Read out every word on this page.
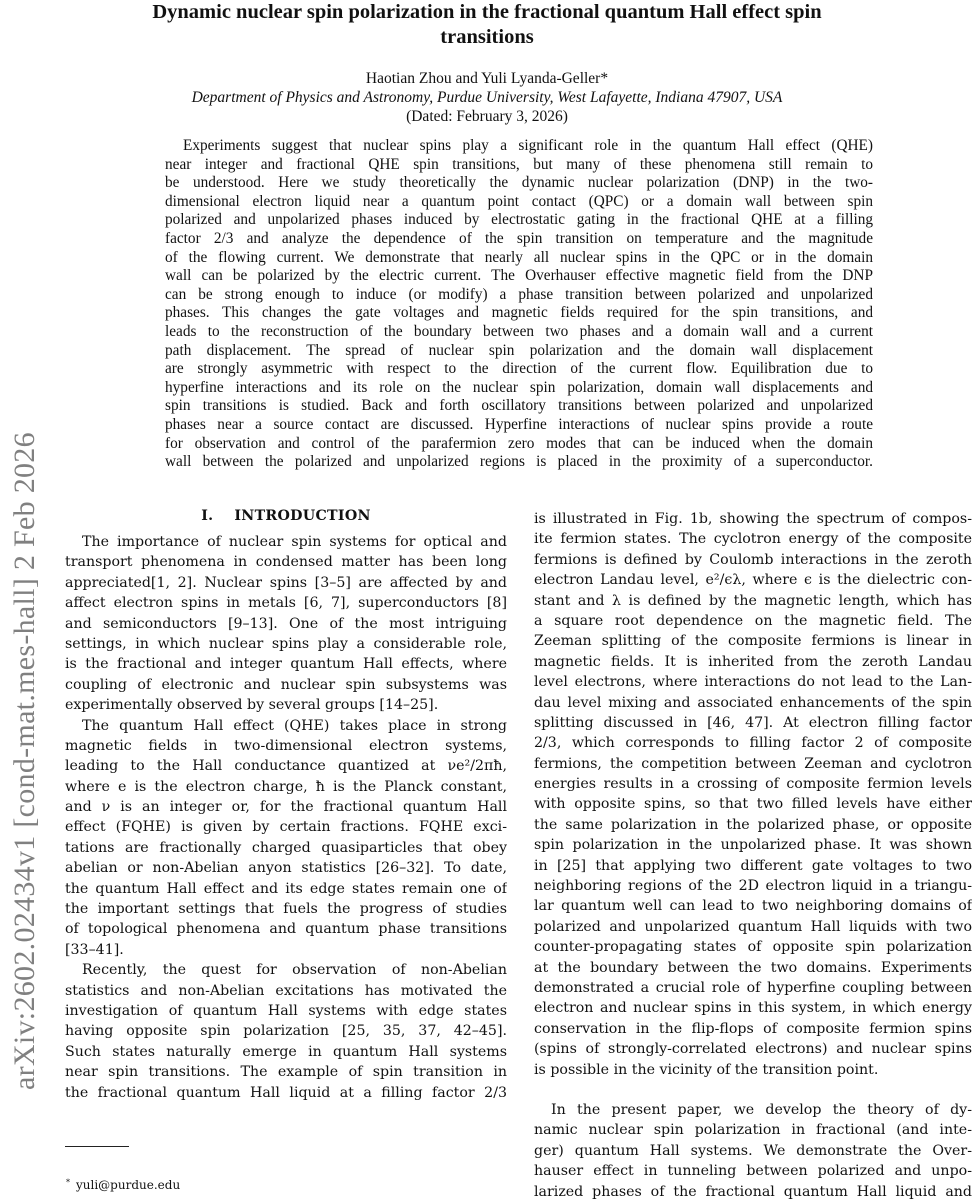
arXiv:2602.02434v1 [cond-mat.mes-hall] 2 Feb 2026
Dynamic nuclear spin polarization in the fractional quantum Hall effect spin
transitions
Haotian Zhou and Yuli Lyanda-Geller*
Department of Physics and Astronomy, Purdue University, West Lafayette, Indiana 47907, USA
(Dated: February 3, 2026)
Experiments suggest that nuclear spins play a significant role in the quantum Hall effect (QHE)
near integer and fractional QHE spin transitions, but many of these phenomena still remain to
be understood. Here we study theoretically the dynamic nuclear polarization (DNP) in the two-
dimensional electron liquid near a quantum point contact (QPC) or a domain wall between spin
polarized and unpolarized phases induced by electrostatic gating in the fractional QHE at a filling
factor 2/3 and analyze the dependence of the spin transition on temperature and the magnitude
of the flowing current. We demonstrate that nearly all nuclear spins in the QPC or in the domain
wall can be polarized by the electric current. The Overhauser effective magnetic field from the DNP
can be strong enough to induce (or modify) a phase transition between polarized and unpolarized
phases. This changes the gate voltages and magnetic fields required for the spin transitions, and
leads to the reconstruction of the boundary between two phases and a domain wall and a current
path displacement. The spread of nuclear spin polarization and the domain wall displacement
are strongly asymmetric with respect to the direction of the current flow. Equilibration due to
hyperfine interactions and its role on the nuclear spin polarization, domain wall displacements and
spin transitions is studied. Back and forth oscillatory transitions between polarized and unpolarized
phases near a source contact are discussed. Hyperfine interactions of nuclear spins provide a route
for observation and control of the parafermion zero modes that can be induced when the domain
wall between the polarized and unpolarized regions is placed in the proximity of a superconductor.
I. INTRODUCTION
The importance of nuclear spin systems for optical and
transport phenomena in condensed matter has been long
appreciated[1, 2]. Nuclear spins [3–5] are affected by and
affect electron spins in metals [6, 7], superconductors [8]
and semiconductors [9–13]. One of the most intriguing
settings, in which nuclear spins play a considerable role,
is the fractional and integer quantum Hall effects, where
coupling of electronic and nuclear spin subsystems was
experimentally observed by several groups [14–25].
The quantum Hall effect (QHE) takes place in strong
magnetic fields in two-dimensional electron systems,
leading to the Hall conductance quantized at νe²/2πħ,
where e is the electron charge, ħ is the Planck constant,
and ν is an integer or, for the fractional quantum Hall
effect (FQHE) is given by certain fractions. FQHE exci-
tations are fractionally charged quasiparticles that obey
abelian or non-Abelian anyon statistics [26–32]. To date,
the quantum Hall effect and its edge states remain one of
the important settings that fuels the progress of studies
of topological phenomena and quantum phase transitions
[33–41].
Recently, the quest for observation of non-Abelian
statistics and non-Abelian excitations has motivated the
investigation of quantum Hall systems with edge states
having opposite spin polarization [25, 35, 37, 42–45].
Such states naturally emerge in quantum Hall systems
near spin transitions. The example of spin transition in
the fractional quantum Hall liquid at a filling factor 2/3
* yuli@purdue.edu
is illustrated in Fig. 1b, showing the spectrum of compos-
ite fermion states. The cyclotron energy of the composite
fermions is defined by Coulomb interactions in the zeroth
electron Landau level, e²/ϵλ, where ϵ is the dielectric con-
stant and λ is defined by the magnetic length, which has
a square root dependence on the magnetic field. The
Zeeman splitting of the composite fermions is linear in
magnetic fields. It is inherited from the zeroth Landau
level electrons, where interactions do not lead to the Lan-
dau level mixing and associated enhancements of the spin
splitting discussed in [46, 47]. At electron filling factor
2/3, which corresponds to filling factor 2 of composite
fermions, the competition between Zeeman and cyclotron
energies results in a crossing of composite fermion levels
with opposite spins, so that two filled levels have either
the same polarization in the polarized phase, or opposite
spin polarization in the unpolarized phase. It was shown
in [25] that applying two different gate voltages to two
neighboring regions of the 2D electron liquid in a triangu-
lar quantum well can lead to two neighboring domains of
polarized and unpolarized quantum Hall liquids with two
counter-propagating states of opposite spin polarization
at the boundary between the two domains. Experiments
demonstrated a crucial role of hyperfine coupling between
electron and nuclear spins in this system, in which energy
conservation in the flip-flops of composite fermion spins
(spins of strongly-correlated electrons) and nuclear spins
is possible in the vicinity of the transition point.
In the present paper, we develop the theory of dy-
namic nuclear spin polarization in fractional (and inte-
ger) quantum Hall systems. We demonstrate the Over-
hauser effect in tunneling between polarized and unpo-
larized phases of the fractional quantum Hall liquid and
